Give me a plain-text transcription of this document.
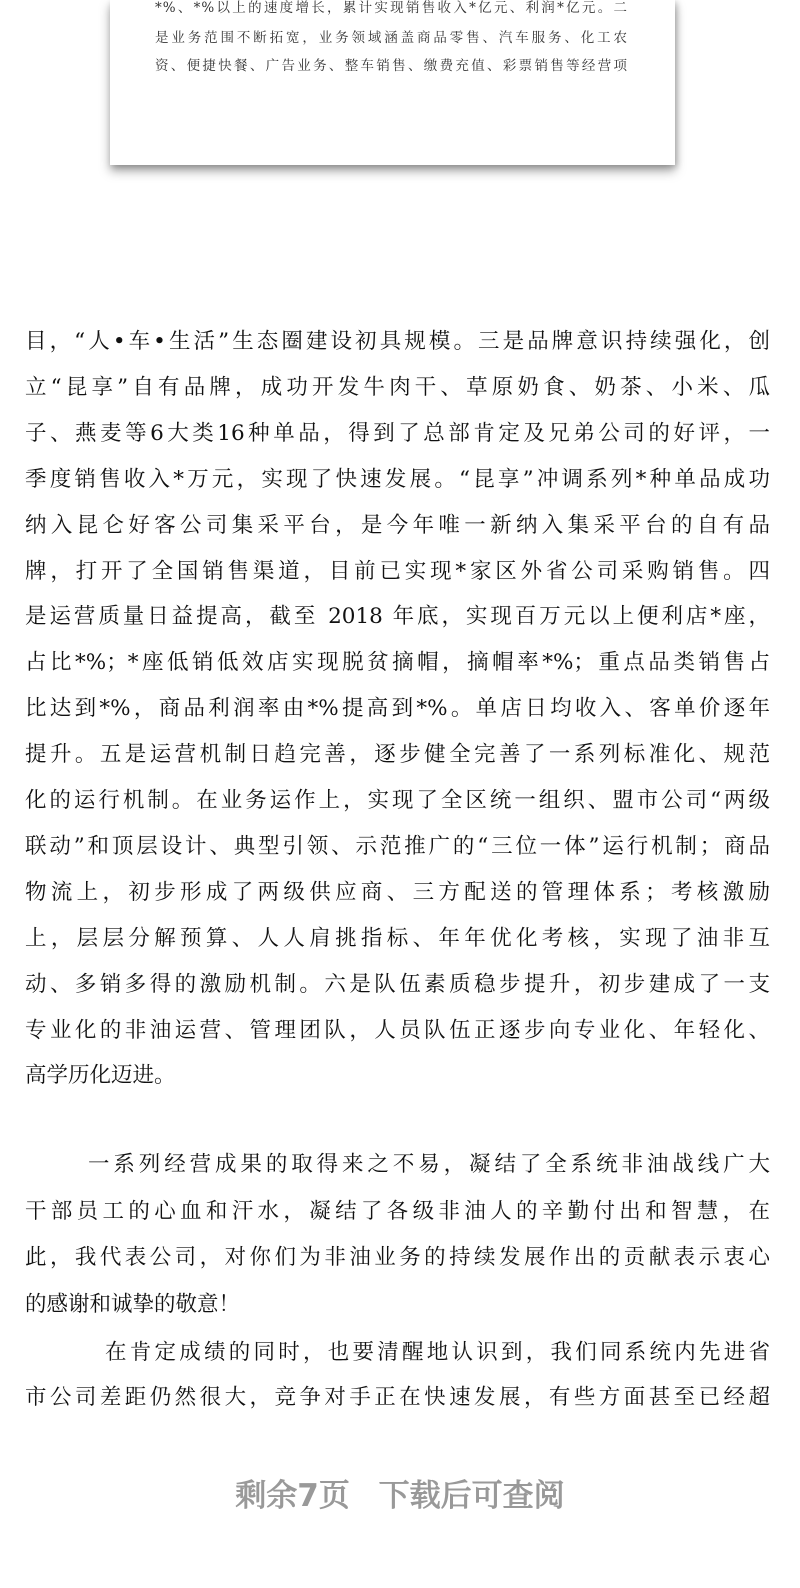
*%、*%以上的速度增长，累计实现销售收入*亿元、利润*亿元。二
是业务范围不断拓宽，业务领域涵盖商品零售、汽车服务、化工农
资、便捷快餐、广告业务、整车销售、缴费充值、彩票销售等经营项
目，“人•车•生活”生态圈建设初具规模。三是品牌意识持续强化，创
立“昆享”自有品牌，成功开发牛肉干、草原奶食、奶茶、小米、瓜
子、燕麦等6大类16种单品，得到了总部肯定及兄弟公司的好评，一
季度销售收入*万元，实现了快速发展。“昆享”冲调系列*种单品成功
纳入昆仑好客公司集采平台，是今年唯一新纳入集采平台的自有品
牌，打开了全国销售渠道，目前已实现*家区外省公司采购销售。四
是运营质量日益提高，截至 2018 年底，实现百万元以上便利店*座，
占比*%；*座低销低效店实现脱贫摘帽，摘帽率*%；重点品类销售占
比达到*%，商品利润率由*%提高到*%。单店日均收入、客单价逐年
提升。五是运营机制日趋完善，逐步健全完善了一系列标准化、规范
化的运行机制。在业务运作上，实现了全区统一组织、盟市公司“两级
联动”和顶层设计、典型引领、示范推广的“三位一体”运行机制；商品
物流上，初步形成了两级供应商、三方配送的管理体系；考核激励
上，层层分解预算、人人肩挑指标、年年优化考核，实现了油非互
动、多销多得的激励机制。六是队伍素质稳步提升，初步建成了一支
专业化的非油运营、管理团队，人员队伍正逐步向专业化、年轻化、
高学历化迈进。
一系列经营成果的取得来之不易，凝结了全系统非油战线广大
干部员工的心血和汗水，凝结了各级非油人的辛勤付出和智慧，在
此，我代表公司，对你们为非油业务的持续发展作出的贡献表示衷心
的感谢和诚挚的敬意！
在肯定成绩的同时，也要清醒地认识到，我们同系统内先进省
市公司差距仍然很大，竞争对手正在快速发展，有些方面甚至已经超
剩余7页 下载后可查阅
